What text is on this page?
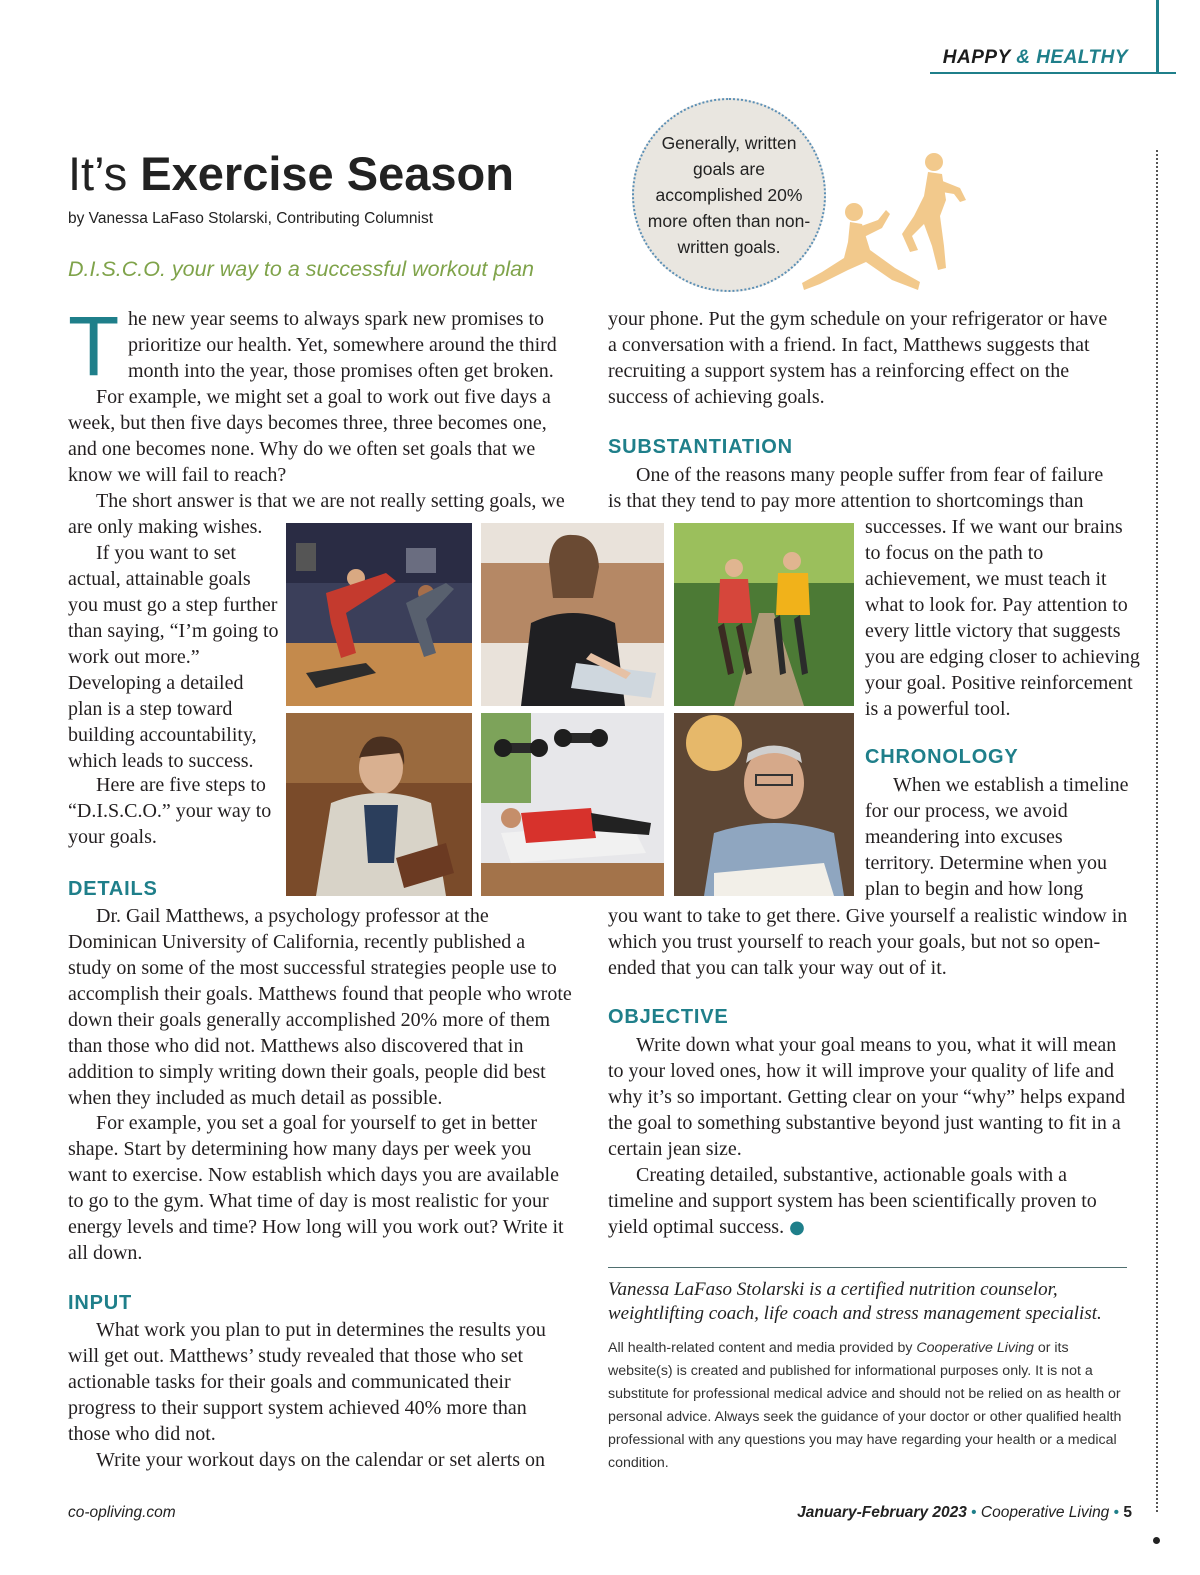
HAPPY & HEALTHY
It’s Exercise Season
by Vanessa LaFaso Stolarski, Contributing Columnist
D.I.S.C.O. your way to a successful workout plan
Generally, written goals are accomplished 20% more often than non-written goals.
T he new year seems to always spark new promises to prioritize our health. Yet, somewhere around the third month into the year, those promises often get broken.

For example, we might set a goal to work out five days a week, but then five days becomes three, three becomes one, and one becomes none. Why do we often set goals that we know we will fail to reach?

The short answer is that we are not really setting goals, we are only making wishes.

If you want to set actual, attainable goals you must go a step further than saying, “I’m going to work out more.” Developing a detailed plan is a step toward building accountability, which leads to success.

Here are five steps to “D.I.S.C.O.” your way to your goals.

DETAILS

Dr. Gail Matthews, a psychology professor at the Dominican University of California, recently published a study on some of the most successful strategies people use to accomplish their goals. Matthews found that people who wrote down their goals generally accomplished 20% more of them than those who did not. Matthews also discovered that in addition to simply writing down their goals, people did best when they included as much detail as possible.

For example, you set a goal for yourself to get in better shape. Start by determining how many days per week you want to exercise. Now establish which days you are available to go to the gym. What time of day is most realistic for your energy levels and time? How long will you work out? Write it all down.

INPUT

What work you plan to put in determines the results you will get out. Matthews’ study revealed that those who set actionable tasks for their goals and communicated their progress to their support system achieved 40% more than those who did not.

Write your workout days on the calendar or set alerts on

your phone. Put the gym schedule on your refrigerator or have a conversation with a friend. In fact, Matthews suggests that recruiting a support system has a reinforcing effect on the success of achieving goals.

SUBSTANTIATION

One of the reasons many people suffer from fear of failure is that they tend to pay more attention to shortcomings than

successes. If we want our brains to focus on the path to achievement, we must teach it what to look for. Pay attention to every little victory that suggests you are edging closer to achieving your goal. Positive reinforcement is a powerful tool.

CHRONOLOGY

When we establish a timeline for our process, we avoid meandering into excuses territory. Determine when you plan to begin and how long

you want to take to get there. Give yourself a realistic window in which you trust yourself to reach your goals, but not so open-ended that you can talk your way out of it.

OBJECTIVE

Write down what your goal means to you, what it will mean to your loved ones, how it will improve your quality of life and why it’s so important. Getting clear on your “why” helps expand the goal to something substantive beyond just wanting to fit in a certain jean size.

Creating detailed, substantive, actionable goals with a timeline and support system has been scientifically proven to yield optimal success. ●

Vanessa LaFaso Stolarski is a certified nutrition counselor, weightlifting coach, life coach and stress management specialist.
All health-related content and media provided by Cooperative Living or its website(s) is created and published for informational purposes only. It is not a substitute for professional medical advice and should not be relied on as health or personal advice. Always seek the guidance of your doctor or other qualified health professional with any questions you may have regarding your health or a medical condition.
co-opliving.com	January-February 2023 • Cooperative Living • 5
